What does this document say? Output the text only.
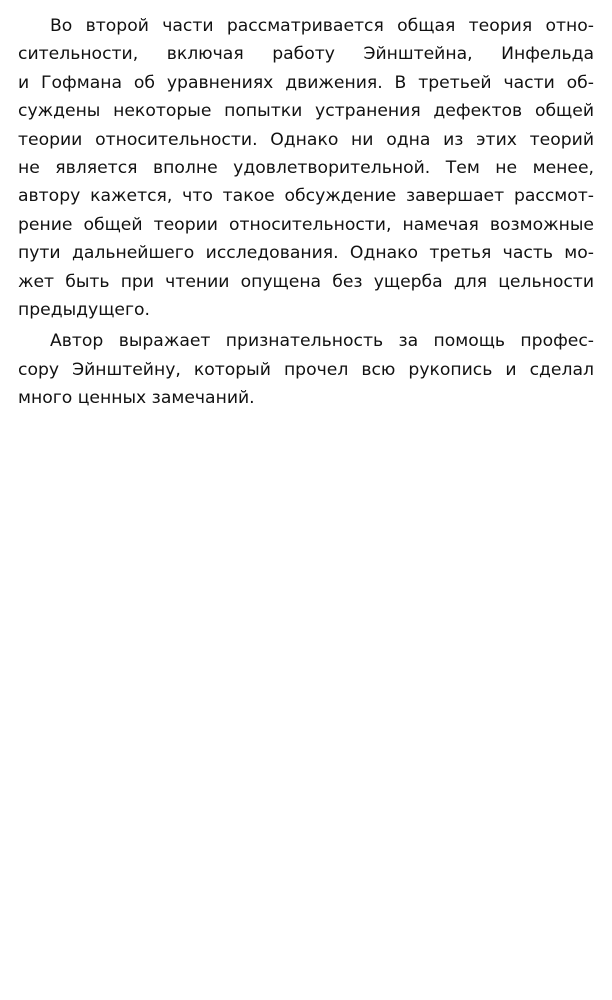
Во второй части рассматривается общая теория отно-
сительности, включая работу Эйнштейна, Инфельда
и Гофмана об уравнениях движения. В третьей части об-
суждены некоторые попытки устранения дефектов общей
теории относительности. Однако ни одна из этих теорий
не является вполне удовлетворительной. Тем не менее,
автору кажется, что такое обсуждение завершает рассмот-
рение общей теории относительности, намечая возможные
пути дальнейшего исследования. Однако третья часть мо-
жет быть при чтении опущена без ущерба для цельности
предыдущего.
Автор выражает признательность за помощь профес-
сору Эйнштейну, который прочел всю рукопись и сделал
много ценных замечаний.
